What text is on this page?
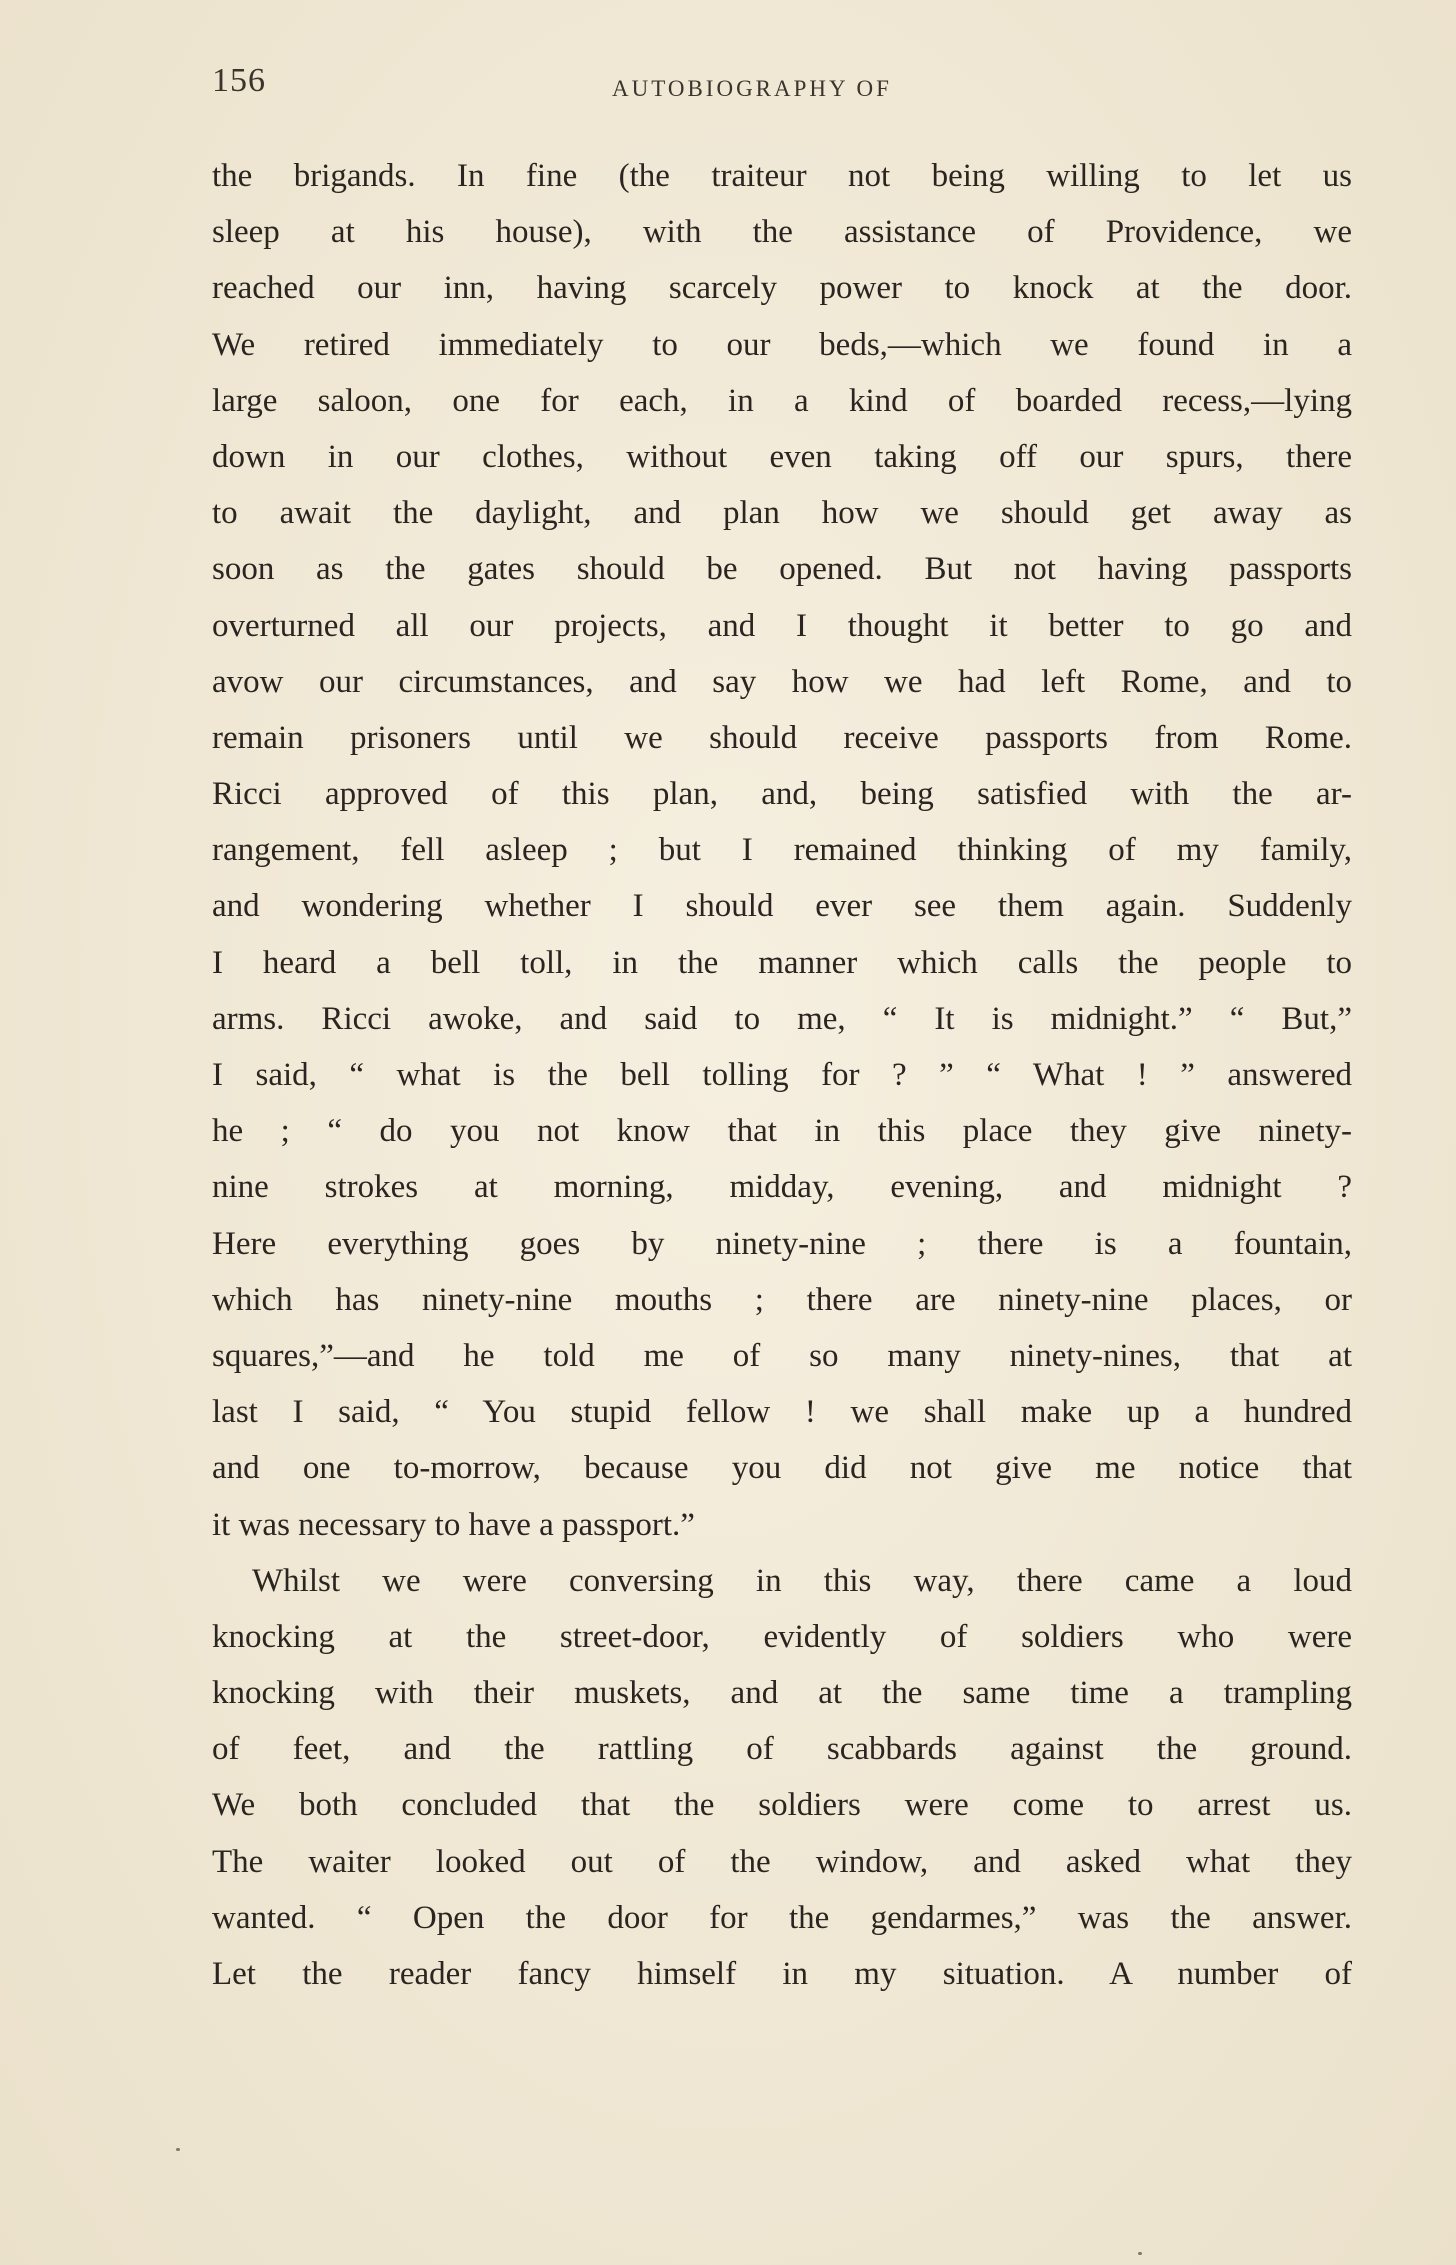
156	AUTOBIOGRAPHY OF
the brigands. In fine (the traiteur not being willing to let us
sleep at his house), with the assistance of Providence, we
reached our inn, having scarcely power to knock at the door.
We retired immediately to our beds,—which we found in a
large saloon, one for each, in a kind of boarded recess,—lying
down in our clothes, without even taking off our spurs, there
to await the daylight, and plan how we should get away as
soon as the gates should be opened. But not having passports
overturned all our projects, and I thought it better to go and
avow our circumstances, and say how we had left Rome, and to
remain prisoners until we should receive passports from Rome.
Ricci approved of this plan, and, being satisfied with the ar-
rangement, fell asleep ; but I remained thinking of my family,
and wondering whether I should ever see them again. Suddenly
I heard a bell toll, in the manner which calls the people to
arms. Ricci awoke, and said to me, “ It is midnight.” “ But,”
I said, “ what is the bell tolling for ? ” “ What ! ” answered
he ; “ do you not know that in this place they give ninety-
nine strokes at morning, midday, evening, and midnight ?
Here everything goes by ninety-nine ; there is a fountain,
which has ninety-nine mouths ; there are ninety-nine places, or
squares,”—and he told me of so many ninety-nines, that at
last I said, “ You stupid fellow ! we shall make up a hundred
and one to-morrow, because you did not give me notice that
it was necessary to have a passport.”
Whilst we were conversing in this way, there came a loud
knocking at the street-door, evidently of soldiers who were
knocking with their muskets, and at the same time a trampling
of feet, and the rattling of scabbards against the ground.
We both concluded that the soldiers were come to arrest us.
The waiter looked out of the window, and asked what they
wanted. “ Open the door for the gendarmes,” was the answer.
Let the reader fancy himself in my situation. A number of
